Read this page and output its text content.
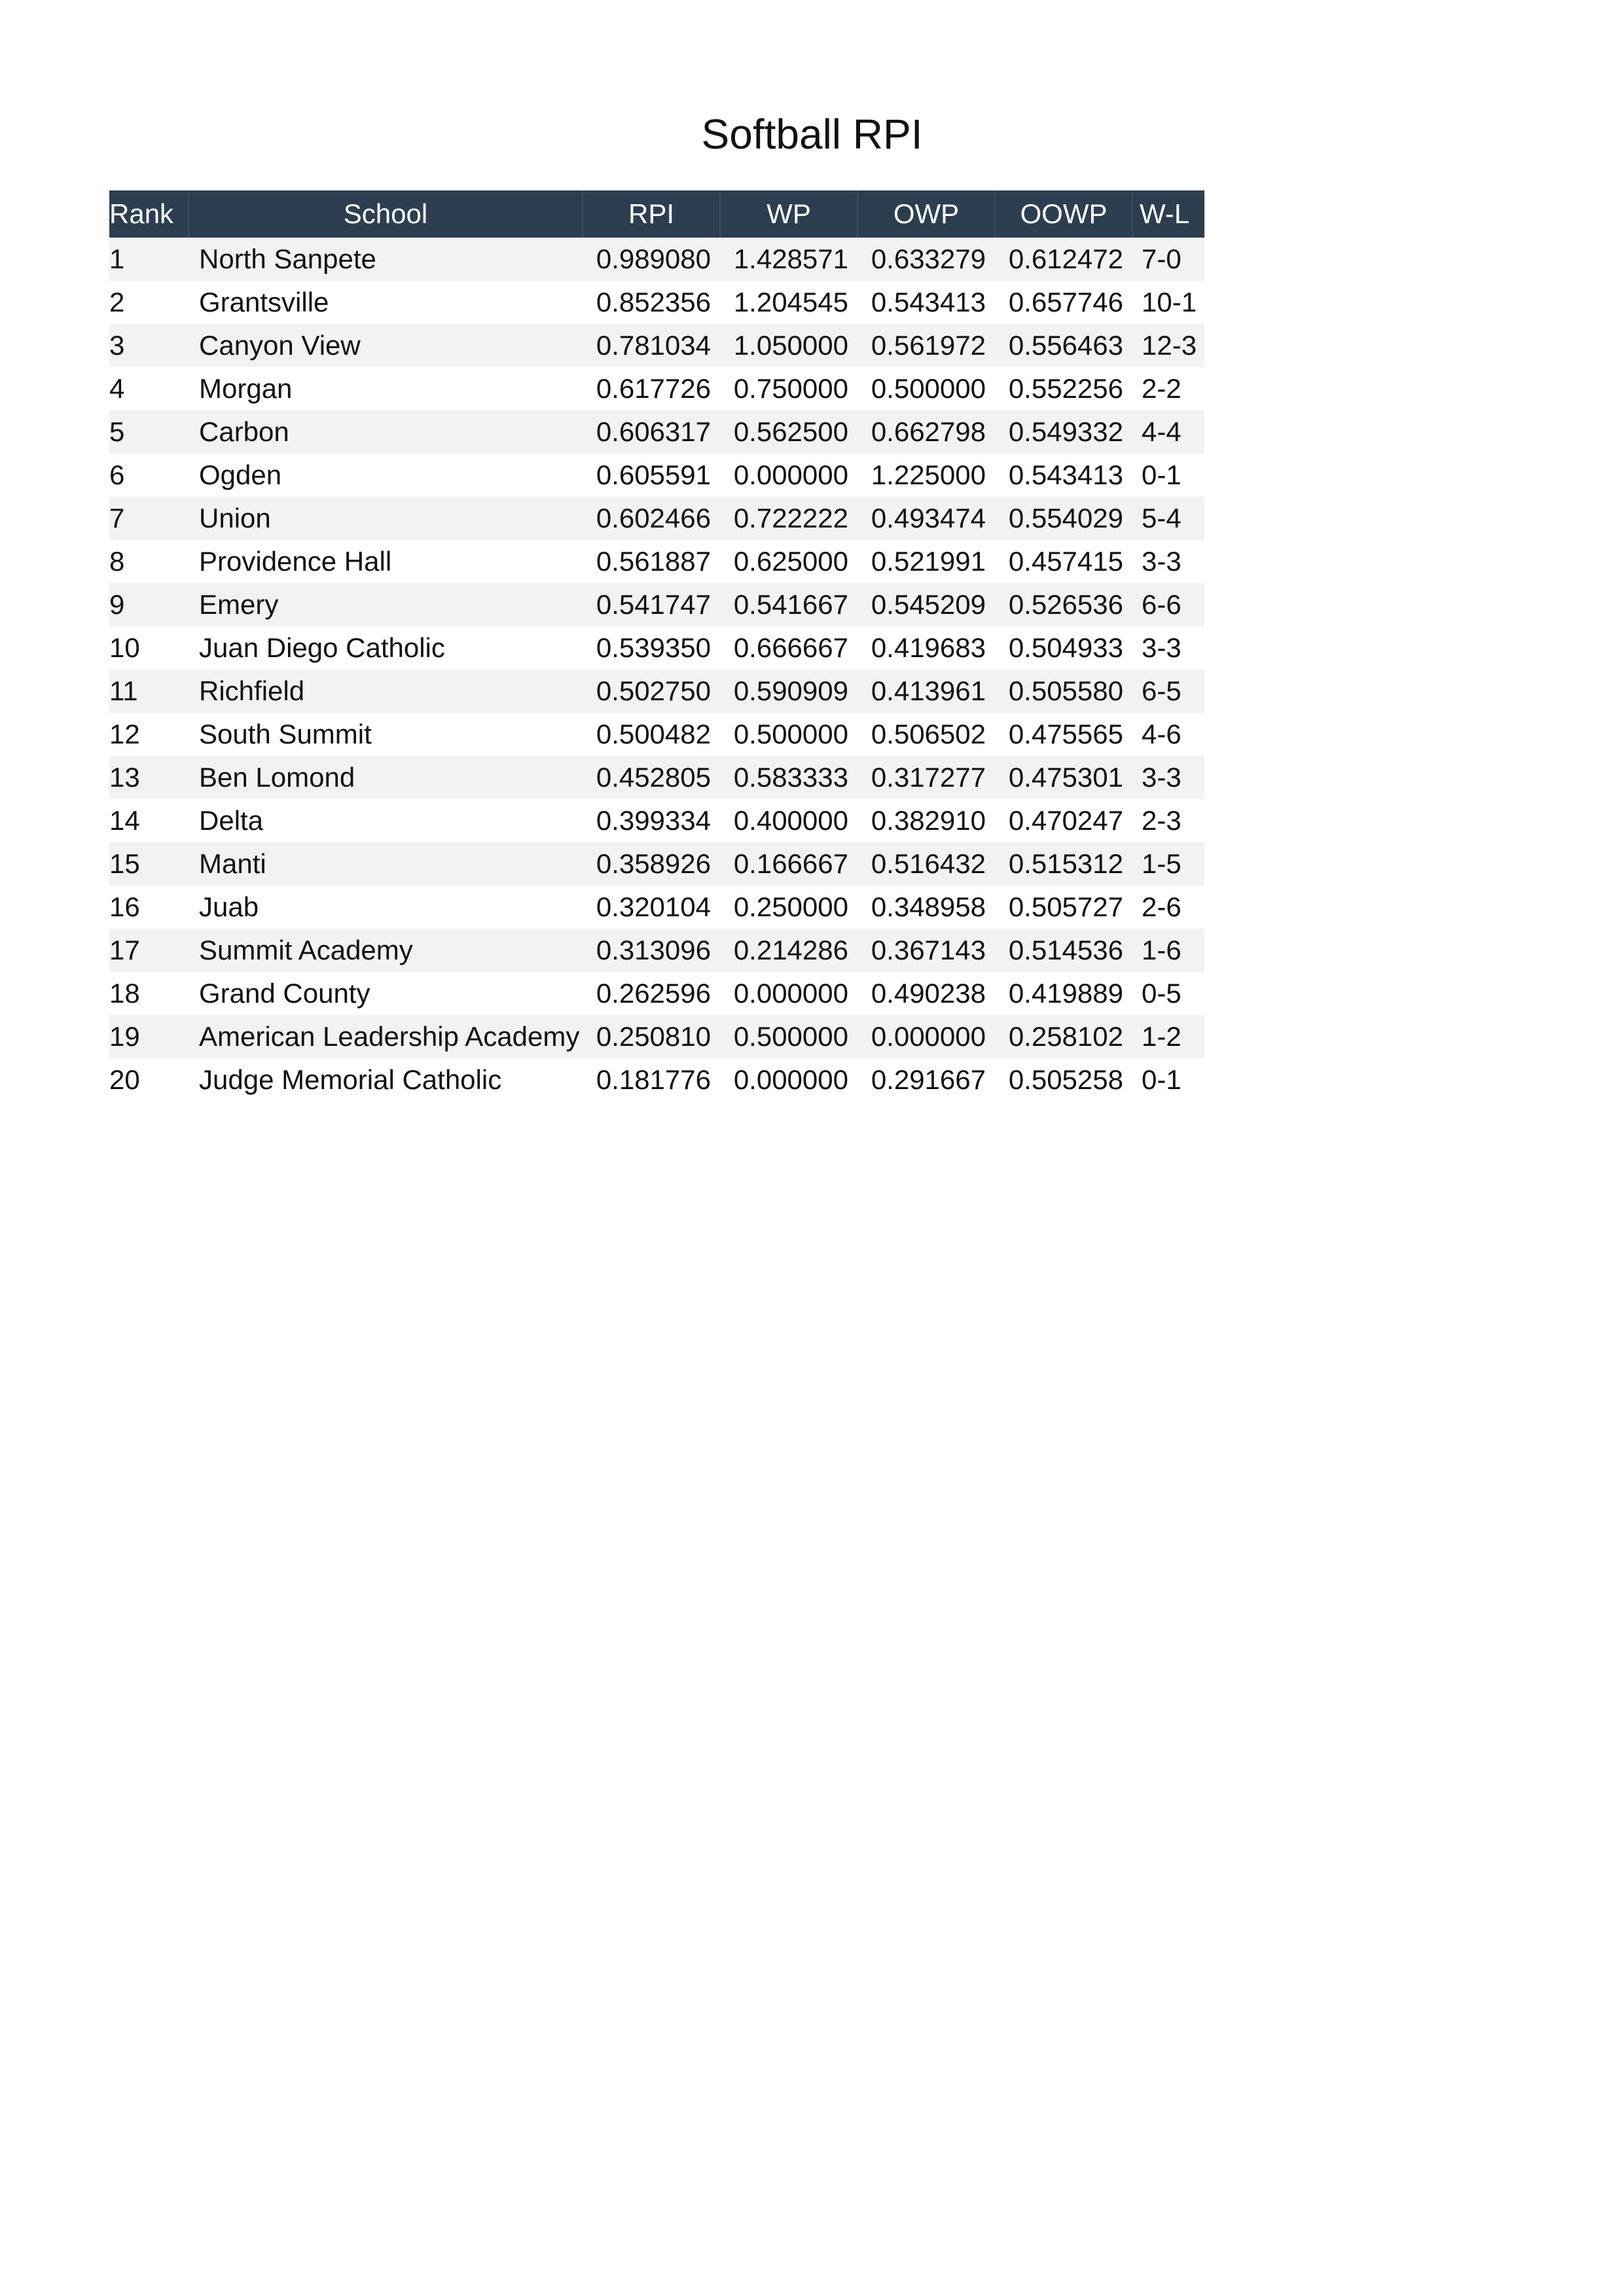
Softball RPI
Rank	School	RPI	WP	OWP	OOWP	W-L
1	North Sanpete	0.989080	1.428571	0.633279	0.612472	7-0
2	Grantsville	0.852356	1.204545	0.543413	0.657746	10-1
3	Canyon View	0.781034	1.050000	0.561972	0.556463	12-3
4	Morgan	0.617726	0.750000	0.500000	0.552256	2-2
5	Carbon	0.606317	0.562500	0.662798	0.549332	4-4
6	Ogden	0.605591	0.000000	1.225000	0.543413	0-1
7	Union	0.602466	0.722222	0.493474	0.554029	5-4
8	Providence Hall	0.561887	0.625000	0.521991	0.457415	3-3
9	Emery	0.541747	0.541667	0.545209	0.526536	6-6
10	Juan Diego Catholic	0.539350	0.666667	0.419683	0.504933	3-3
11	Richfield	0.502750	0.590909	0.413961	0.505580	6-5
12	South Summit	0.500482	0.500000	0.506502	0.475565	4-6
13	Ben Lomond	0.452805	0.583333	0.317277	0.475301	3-3
14	Delta	0.399334	0.400000	0.382910	0.470247	2-3
15	Manti	0.358926	0.166667	0.516432	0.515312	1-5
16	Juab	0.320104	0.250000	0.348958	0.505727	2-6
17	Summit Academy	0.313096	0.214286	0.367143	0.514536	1-6
18	Grand County	0.262596	0.000000	0.490238	0.419889	0-5
19	American Leadership Academy	0.250810	0.500000	0.000000	0.258102	1-2
20	Judge Memorial Catholic	0.181776	0.000000	0.291667	0.505258	0-1
